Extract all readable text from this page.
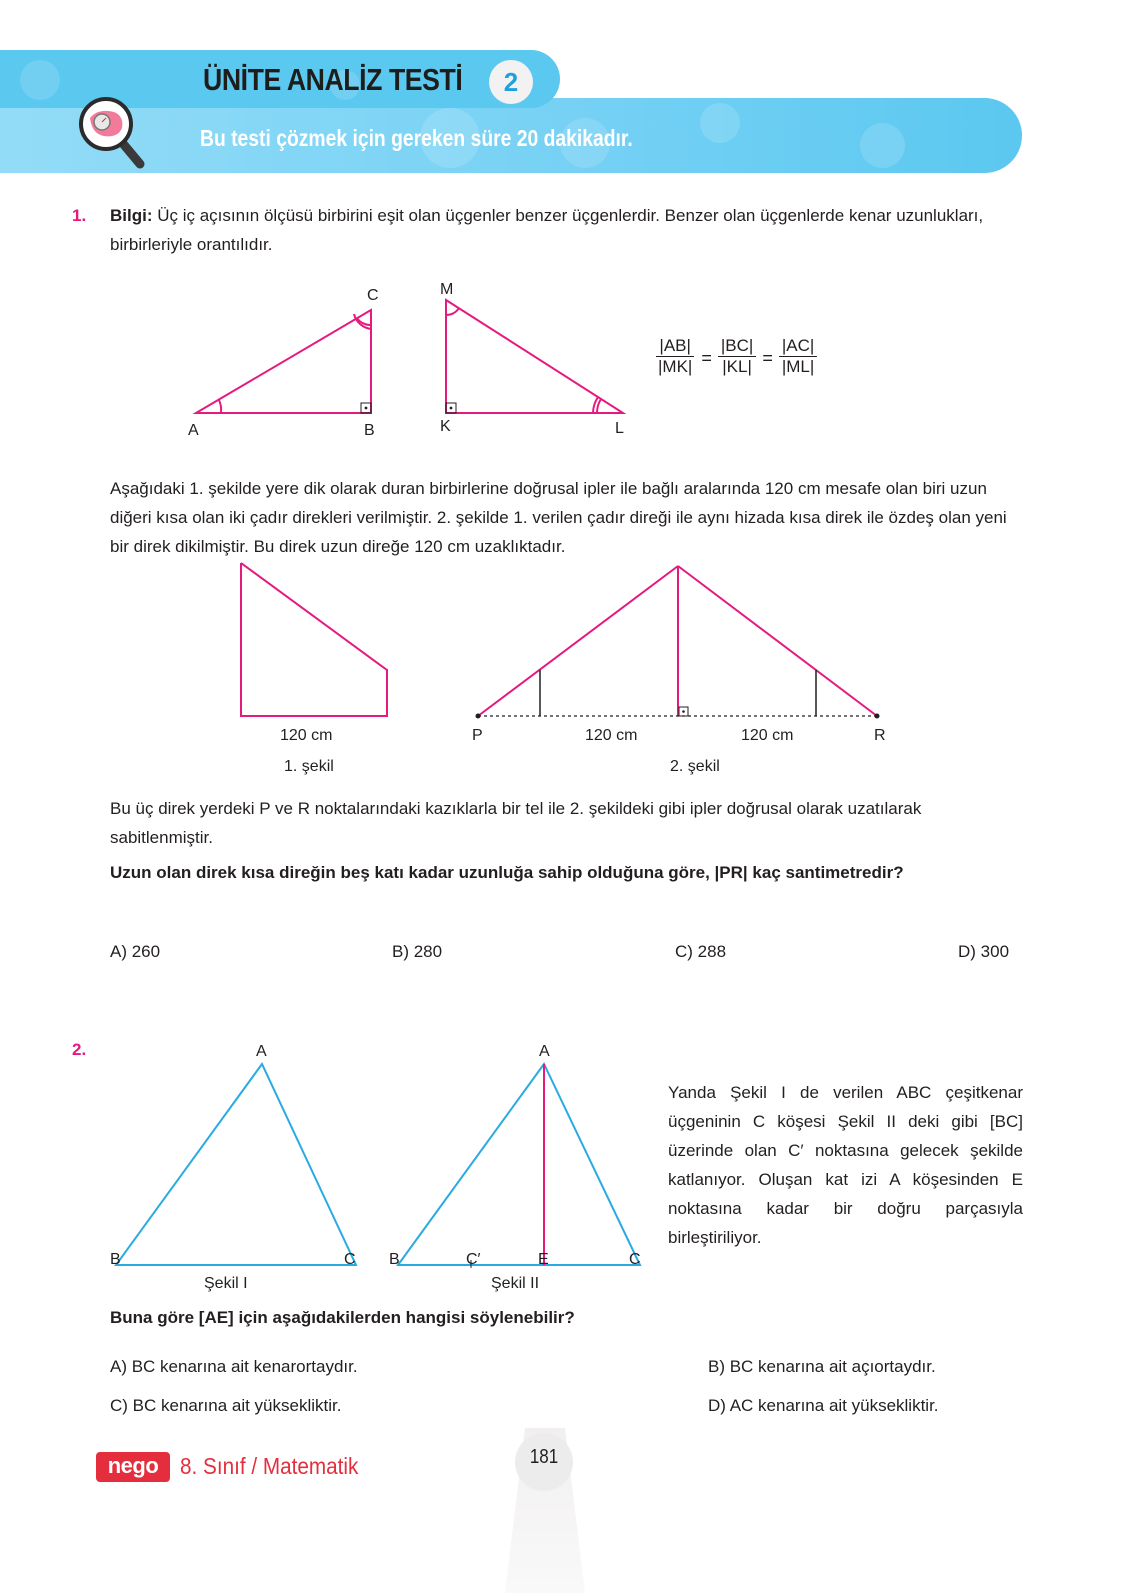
ÜNİTE ANALİZ TESTİ	2
Bu testi çözmek için gereken süre 20 dakikadır.
1. Bilgi: Üç iç açısının ölçüsü birbirini eşit olan üçgenler benzer üçgenlerdir. Benzer olan üçgenlerde kenar uzunlukları, birbirleriyle orantılıdır.
A	B
C	M
K	L
$\frac{|AB|}{|MK|} = \frac{|BC|}{|KL|} = \frac{|AC|}{|ML|}$
Aşağıdaki 1. şekilde yere dik olarak duran birbirlerine doğrusal ipler ile bağlı aralarında 120 cm mesafe olan biri uzun diğeri kısa olan iki çadır direkleri verilmiştir. 2. şekilde 1. verilen çadır direği ile aynı hizada kısa direk ile özdeş olan yeni bir direk dikilmiştir. Bu direk uzun direğe 120 cm uzaklıktadır.
120 cm
1. şekil
P	120 cm	120 cm	R
2. şekil
Bu üç direk yerdeki P ve R noktalarındaki kazıklarla bir tel ile 2. şekildeki gibi ipler doğrusal olarak uzatılarak sabitlenmiştir.
Uzun olan direk kısa direğin beş katı kadar uzunluğa sahip olduğuna göre, |PR| kaç santimetredir?
A) 260	B) 280	C) 288	D) 300
2.	A
B	C
Şekil I
A
B	C′	E	C
Şekil II
Yanda Şekil I de verilen ABC çeşitkenar üçgeninin C köşesi Şekil II deki gibi [BC] üzerinde olan C′ noktasına gelecek şekilde katlanıyor. Oluşan kat izi A köşesinden E noktasına kadar bir doğru parçasıyla birleştiriliyor.
Buna göre [AE] için aşağıdakilerden hangisi söylenebilir?
A) BC kenarına ait kenarortaydır.	B) BC kenarına ait açıortaydır.
C) BC kenarına ait yüksekliktir.	D) AC kenarına ait yüksekliktir.
nego 8. Sınıf / Matematik	181
